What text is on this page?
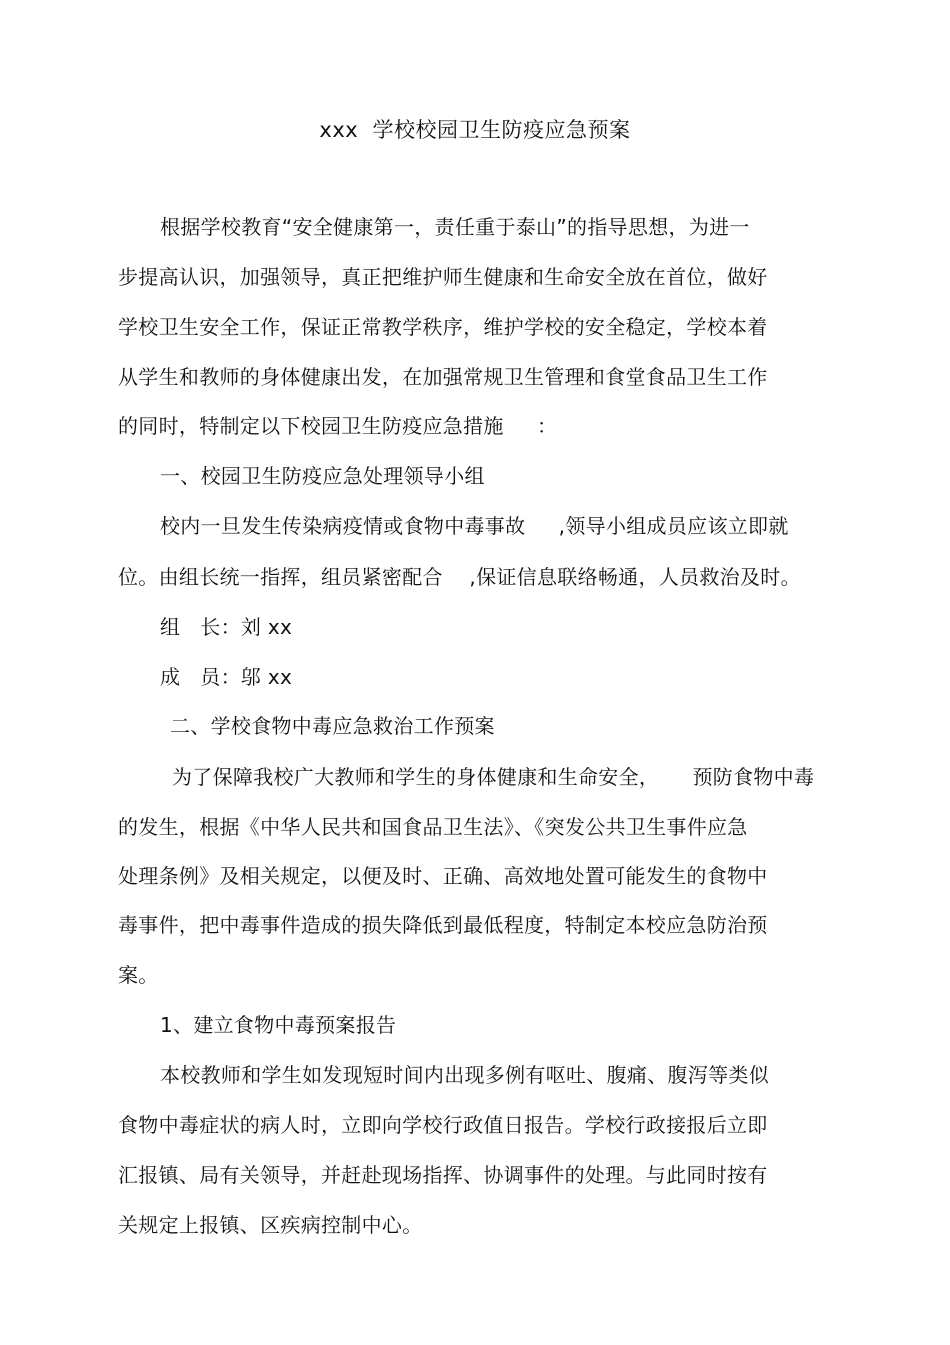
xxx  学校校园卫生防疫应急预案
根据学校教育“安全健康第一，责任重于泰山”的指导思想，为进一
步提高认识，加强领导，真正把维护师生健康和生命安全放在首位，做好
学校卫生安全工作，保证正常教学秩序，维护学校的安全稳定，学校本着
从学生和教师的身体健康出发，在加强常规卫生管理和食堂食品卫生工作
的同时，特制定以下校园卫生防疫应急措施     ：
一、校园卫生防疫应急处理领导小组
校内一旦发生传染病疫情或食物中毒事故     ,领导小组成员应该立即就
位。由组长统一指挥，组员紧密配合    ,保证信息联络畅通，人员救治及时。
组   长：刘 xx
成   员：邬 xx
二、学校食物中毒应急救治工作预案
为了保障我校广大教师和学生的身体健康和生命安全，     预防食物中毒
的发生，根据《中华人民共和国食品卫生法》、《突发公共卫生事件应急
处理条例》及相关规定，以便及时、正确、高效地处置可能发生的食物中
毒事件，把中毒事件造成的损失降低到最低程度，特制定本校应急防治预
案。
1、建立食物中毒预案报告
本校教师和学生如发现短时间内出现多例有呕吐、腹痛、腹泻等类似
食物中毒症状的病人时，立即向学校行政值日报告。学校行政接报后立即
汇报镇、局有关领导，并赶赴现场指挥、协调事件的处理。与此同时按有
关规定上报镇、区疾病控制中心。
